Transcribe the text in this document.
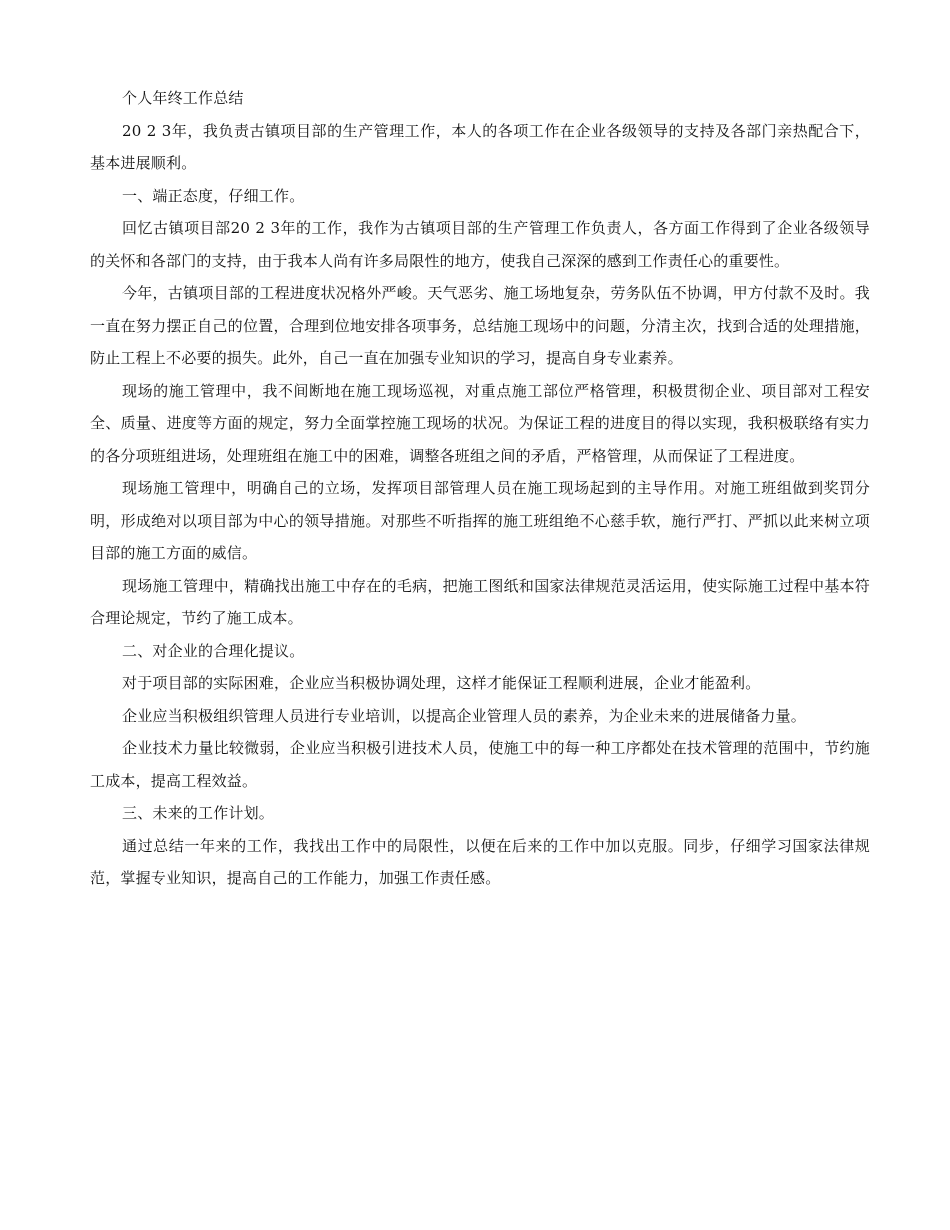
个人年终工作总结

20 2 3年，我负责古镇项目部的生产管理工作，本人的各项工作在企业各级领导的支持及各部门亲热配合下，基本进展顺利。

一、端正态度，仔细工作。

回忆古镇项目部20 2 3年的工作，我作为古镇项目部的生产管理工作负责人，各方面工作得到了企业各级领导的关怀和各部门的支持，由于我本人尚有许多局限性的地方，使我自己深深的感到工作责任心的重要性。

今年，古镇项目部的工程进度状况格外严峻。天气恶劣、施工场地复杂，劳务队伍不协调，甲方付款不及时。我一直在努力摆正自己的位置，合理到位地安排各项事务，总结施工现场中的问题，分清主次，找到合适的处理措施，防止工程上不必要的损失。此外，自己一直在加强专业知识的学习，提高自身专业素养。

现场的施工管理中，我不间断地在施工现场巡视，对重点施工部位严格管理，积极贯彻企业、项目部对工程安全、质量、进度等方面的规定，努力全面掌控施工现场的状况。为保证工程的进度目的得以实现，我积极联络有实力的各分项班组进场，处理班组在施工中的困难，调整各班组之间的矛盾，严格管理，从而保证了工程进度。

现场施工管理中，明确自己的立场，发挥项目部管理人员在施工现场起到的主导作用。对施工班组做到奖罚分明，形成绝对以项目部为中心的领导措施。对那些不听指挥的施工班组绝不心慈手软，施行严打、严抓以此来树立项目部的施工方面的威信。

现场施工管理中，精确找出施工中存在的毛病，把施工图纸和国家法律规范灵活运用，使实际施工过程中基本符合理论规定，节约了施工成本。

二、对企业的合理化提议。

对于项目部的实际困难，企业应当积极协调处理，这样才能保证工程顺利进展，企业才能盈利。

企业应当积极组织管理人员进行专业培训，以提高企业管理人员的素养，为企业未来的进展储备力量。

企业技术力量比较微弱，企业应当积极引进技术人员，使施工中的每一种工序都处在技术管理的范围中，节约施工成本，提高工程效益。

三、未来的工作计划。

通过总结一年来的工作，我找出工作中的局限性，以便在后来的工作中加以克服。同步，仔细学习国家法律规范，掌握专业知识，提高自己的工作能力，加强工作责任感。
